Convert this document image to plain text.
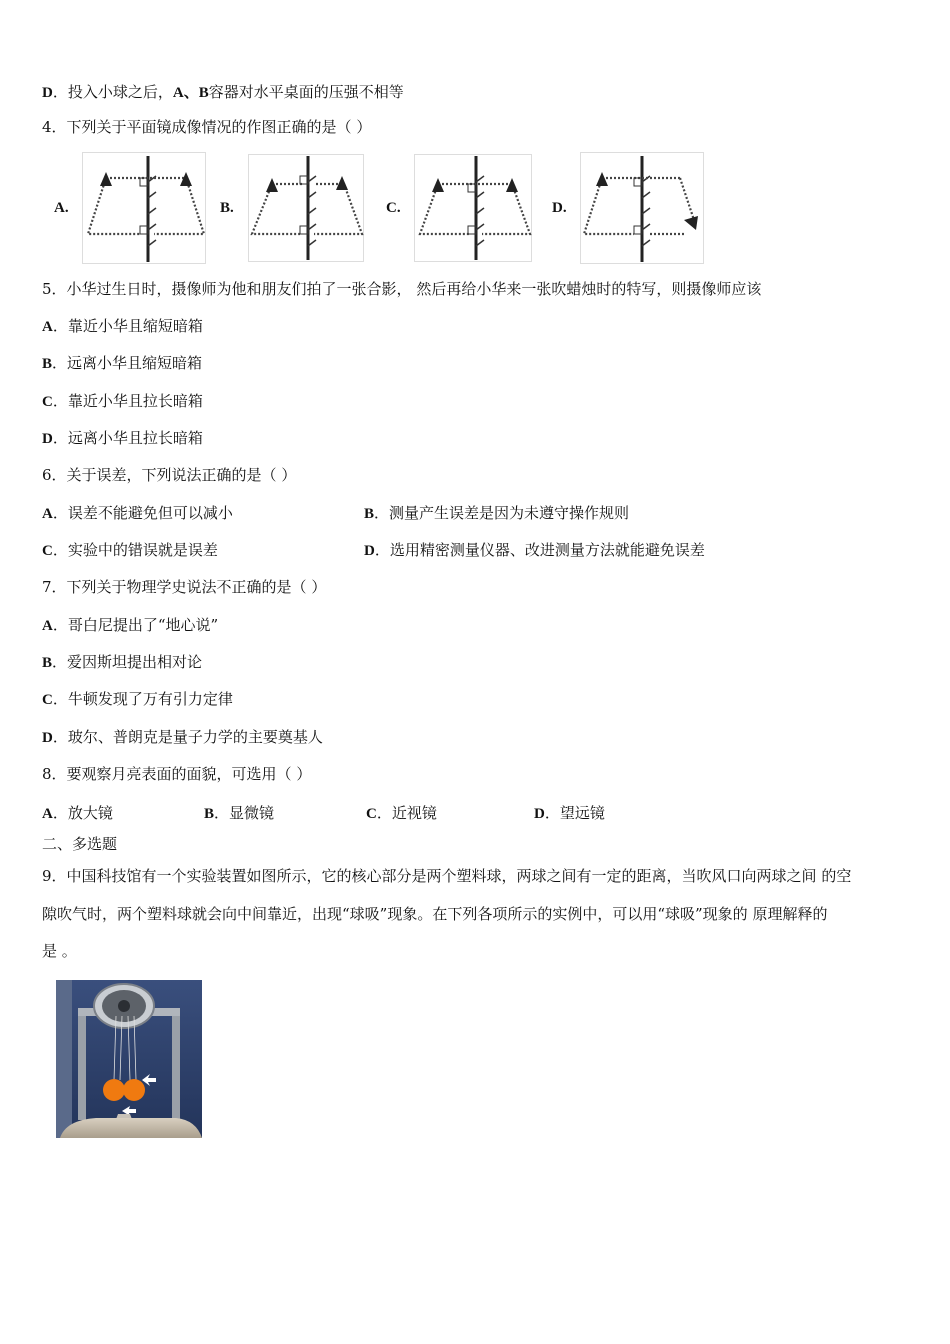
D．投入小球之后，A、B容器对水平桌面的压强不相等
4．下列关于平面镜成像情况的作图正确的是（ ）
A.	B.	C.	D.
5．小华过生日时，摄像师为他和朋友们拍了一张合影， 然后再给小华来一张吹蜡烛时的特写，则摄像师应该
A．靠近小华且缩短暗箱
B．远离小华且缩短暗箱
C．靠近小华且拉长暗箱
D．远离小华且拉长暗箱
6．关于误差，下列说法正确的是（ ）
A．误差不能避免但可以减小	B．测量产生误差是因为未遵守操作规则
C．实验中的错误就是误差	D．选用精密测量仪器、改进测量方法就能避免误差
7．下列关于物理学史说法不正确的是（ ）
A．哥白尼提出了“地心说”
B．爱因斯坦提出相对论
C．牛顿发现了万有引力定律
D．玻尔、普朗克是量子力学的主要奠基人
8．要观察月亮表面的面貌，可选用（ ）
A．放大镜	B．显微镜	C．近视镜	D．望远镜
二、多选题
9．中国科技馆有一个实验装置如图所示，它的核心部分是两个塑料球，两球之间有一定的距离，当吹风口向两球之间 的空
隙吹气时，两个塑料球就会向中间靠近，出现“球吸”现象。在下列各项所示的实例中，可以用“球吸”现象的 原理解释的
是 。
